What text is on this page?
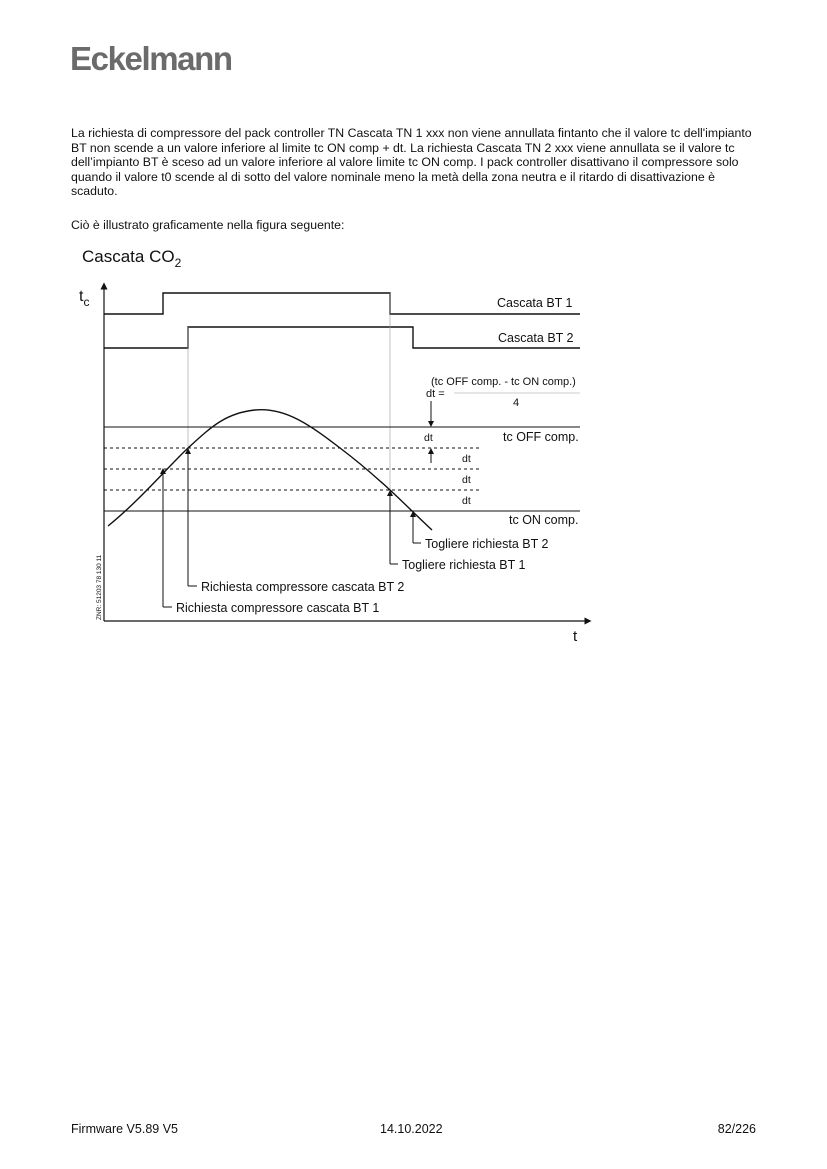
Eckelmann

La richiesta di compressore del pack controller TN Cascata TN 1 xxx non viene annullata fintanto che il valore tc dell'impianto BT non scende a un valore inferiore al limite tc ON comp + dt. La richiesta Cascata TN 2 xxx viene annullata se il valore tc dell’impianto BT è sceso ad un valore inferiore al valore limite tc ON comp. I pack controller disattivano il compressore solo quando il valore t0 scende al di sotto del valore nominale meno la metà della zona neutra e il ritardo di disattivazione è scaduto.

Ciò è illustrato graficamente nella figura seguente:

Cascata $CO_2$
$t_c$
t
Cascata BT 1
Cascata BT 2
(tc OFF comp. - tc ON comp.)
dt =
4
tc OFF comp.
dt
dt
dt
dt
tc ON comp.
Richiesta compressore cascata BT 1
Richiesta compressore cascata BT 2
Togliere richiesta BT 1
Togliere richiesta BT 2
ZNR: 51203 78 130 11
Firmware V5.89 V5	14.10.2022	82/226
